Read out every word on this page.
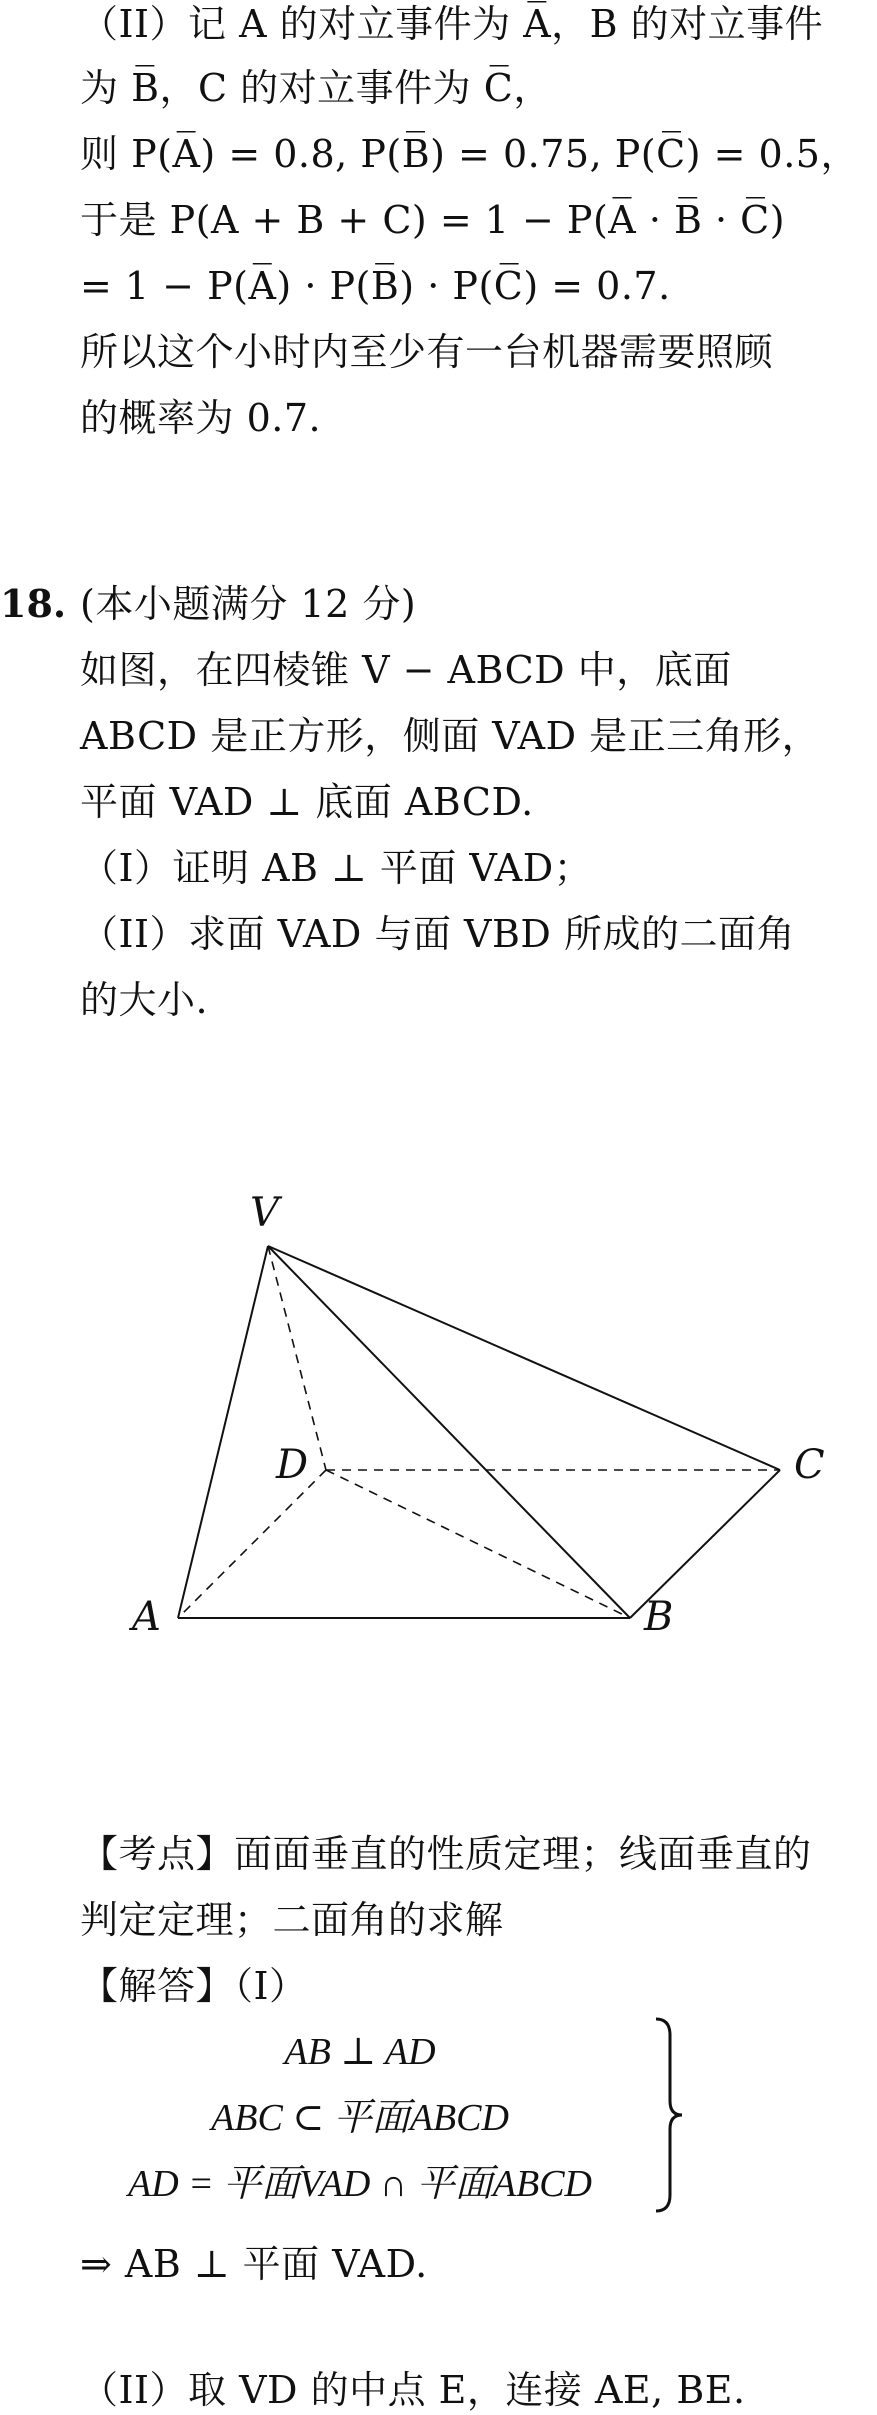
（II）记 A 的对立事件为 A̅，B 的对立事件
为 B̅，C 的对立事件为 C̅，
则 P(A̅) = 0.8, P(B̅) = 0.75, P(C̅) = 0.5，
于是 P(A + B + C) = 1 − P(A̅ · B̅ · C̅)
= 1 − P(A̅) · P(B̅) · P(C̅) = 0.7.
所以这个小时内至少有一台机器需要照顾
的概率为 0.7.
18. (本小题满分 12 分)
如图，在四棱锥 V − ABCD 中，底面
ABCD 是正方形，侧面 VAD 是正三角形，
平面 VAD ⊥ 底面 ABCD.
（I）证明 AB ⊥ 平面 VAD；
（II）求面 VAD 与面 VBD 所成的二面角
的大小.
V
D	C
A	B
【考点】面面垂直的性质定理；线面垂直的
判定定理；二面角的求解
【解答】（I）
AB ⊥ AD
ABC ⊂ 平面ABCD
AD = 平面VAD ∩ 平面ABCD
⇒ AB ⊥ 平面 VAD.
（II）取 VD 的中点 E，连接 AE, BE.
